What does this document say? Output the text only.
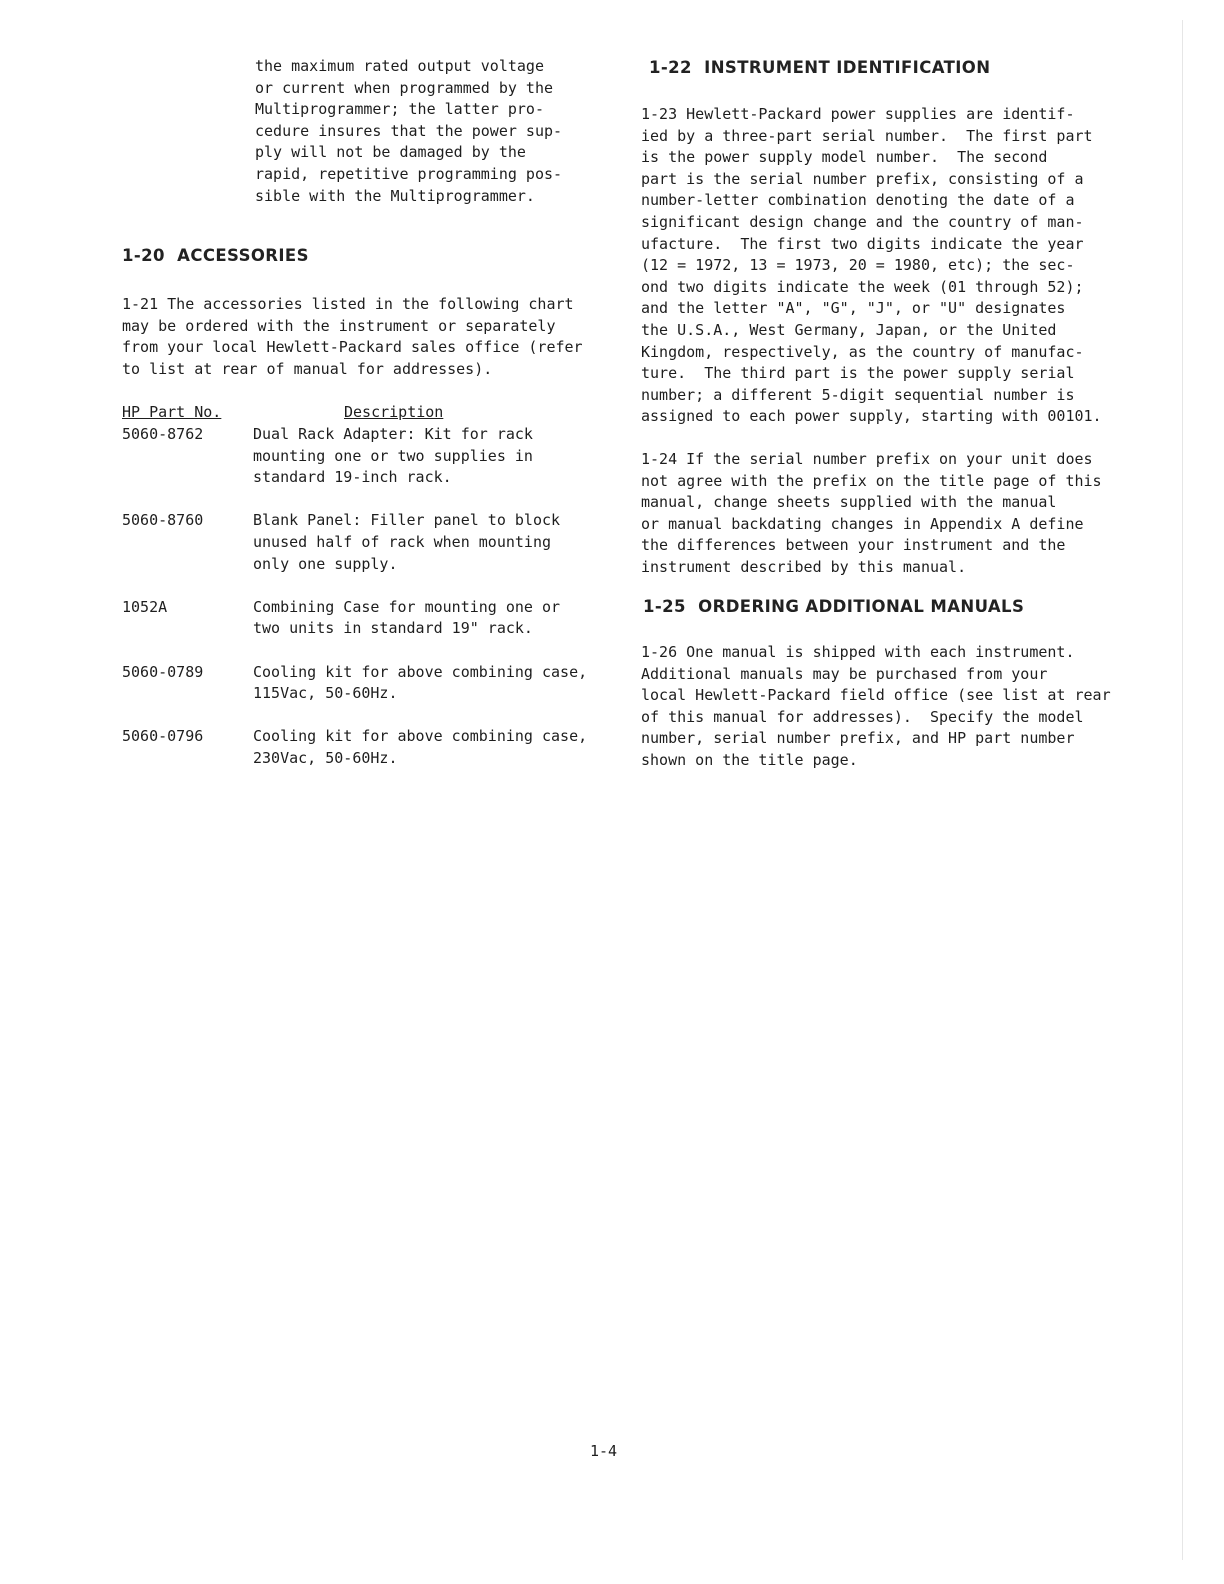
the maximum rated output voltage
or current when programmed by the
Multiprogrammer; the latter pro-
cedure insures that the power sup-
ply will not be damaged by the
rapid, repetitive programming pos-
sible with the Multiprogrammer.
1-20  ACCESSORIES
1-21 The accessories listed in the following chart
may be ordered with the instrument or separately
from your local Hewlett-Packard sales office (refer
to list at rear of manual for addresses).
HP Part No.	Description
5060-8762	Dual Rack Adapter: Kit for rack
mounting one or two supplies in
standard 19-inch rack.
5060-8760	Blank Panel: Filler panel to block
unused half of rack when mounting
only one supply.
1052A	Combining Case for mounting one or
two units in standard 19" rack.
5060-0789	Cooling kit for above combining case,
115Vac, 50-60Hz.
5060-0796	Cooling kit for above combining case,
230Vac, 50-60Hz.
1-22  INSTRUMENT IDENTIFICATION
1-23 Hewlett-Packard power supplies are identif-
ied by a three-part serial number.  The first part
is the power supply model number.  The second
part is the serial number prefix, consisting of a
number-letter combination denoting the date of a
significant design change and the country of man-
ufacture.  The first two digits indicate the year
(12 = 1972, 13 = 1973, 20 = 1980, etc); the sec-
ond two digits indicate the week (01 through 52);
and the letter "A", "G", "J", or "U" designates
the U.S.A., West Germany, Japan, or the United
Kingdom, respectively, as the country of manufac-
ture.  The third part is the power supply serial
number; a different 5-digit sequential number is
assigned to each power supply, starting with 00101.
1-24 If the serial number prefix on your unit does
not agree with the prefix on the title page of this
manual, change sheets supplied with the manual
or manual backdating changes in Appendix A define
the differences between your instrument and the
instrument described by this manual.
1-25  ORDERING ADDITIONAL MANUALS
1-26 One manual is shipped with each instrument.
Additional manuals may be purchased from your
local Hewlett-Packard field office (see list at rear
of this manual for addresses).  Specify the model
number, serial number prefix, and HP part number
shown on the title page.
1-4
